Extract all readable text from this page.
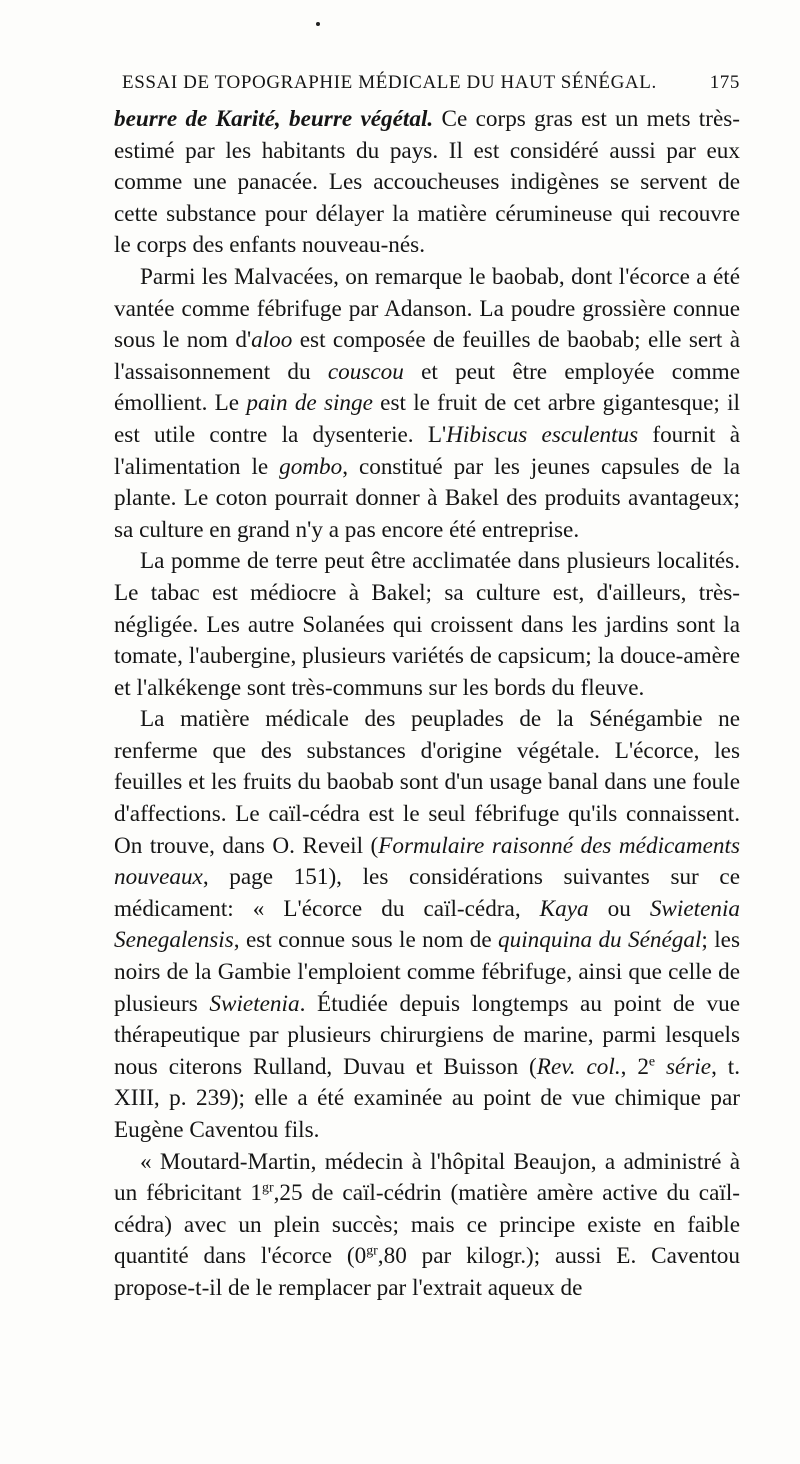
ESSAI DE TOPOGRAPHIE MÉDICALE DU HAUT SÉNÉGAL.	175

beurre de Karité, beurre végétal. Ce corps gras est un mets très-estimé par les habitants du pays. Il est considéré aussi par eux comme une panacée. Les accoucheuses indigènes se servent de cette substance pour délayer la matière cérumineuse qui recouvre le corps des enfants nouveau-nés.

Parmi les Malvacées, on remarque le baobab, dont l'écorce a été vantée comme fébrifuge par Adanson. La poudre grossière connue sous le nom d'aloo est composée de feuilles de baobab; elle sert à l'assaisonnement du couscou et peut être employée comme émollient. Le pain de singe est le fruit de cet arbre gigantesque; il est utile contre la dysenterie. L'Hibiscus esculentus fournit à l'alimentation le gombo, constitué par les jeunes capsules de la plante. Le coton pourrait donner à Bakel des produits avantageux; sa culture en grand n'y a pas encore été entreprise.

La pomme de terre peut être acclimatée dans plusieurs localités. Le tabac est médiocre à Bakel; sa culture est, d'ailleurs, très-négligée. Les autre Solanées qui croissent dans les jardins sont la tomate, l'aubergine, plusieurs variétés de capsicum; la douce-amère et l'alkékenge sont très-communs sur les bords du fleuve.

La matière médicale des peuplades de la Sénégambie ne renferme que des substances d'origine végétale. L'écorce, les feuilles et les fruits du baobab sont d'un usage banal dans une foule d'affections. Le caïl-cédra est le seul fébrifuge qu'ils connaissent. On trouve, dans O. Reveil (Formulaire raisonné des médicaments nouveaux, page 151), les considérations suivantes sur ce médicament: « L'écorce du caïl-cédra, Kaya ou Swietenia Senegalensis, est connue sous le nom de quinquina du Sénégal; les noirs de la Gambie l'emploient comme fébrifuge, ainsi que celle de plusieurs Swietenia. Étudiée depuis longtemps au point de vue thérapeutique par plusieurs chirurgiens de marine, parmi lesquels nous citerons Rulland, Duvau et Buisson (Rev. col., 2e série, t. XIII, p. 239); elle a été examinée au point de vue chimique par Eugène Caventou fils.

« Moutard-Martin, médecin à l'hôpital Beaujon, a administré à un fébricitant $1^{gr},25$ de caïl-cédrin (matière amère active du caïl-cédra) avec un plein succès; mais ce principe existe en faible quantité dans l'écorce ($0^{gr},80$ par kilogr.); aussi E. Caventou propose-t-il de le remplacer par l'extrait aqueux de
